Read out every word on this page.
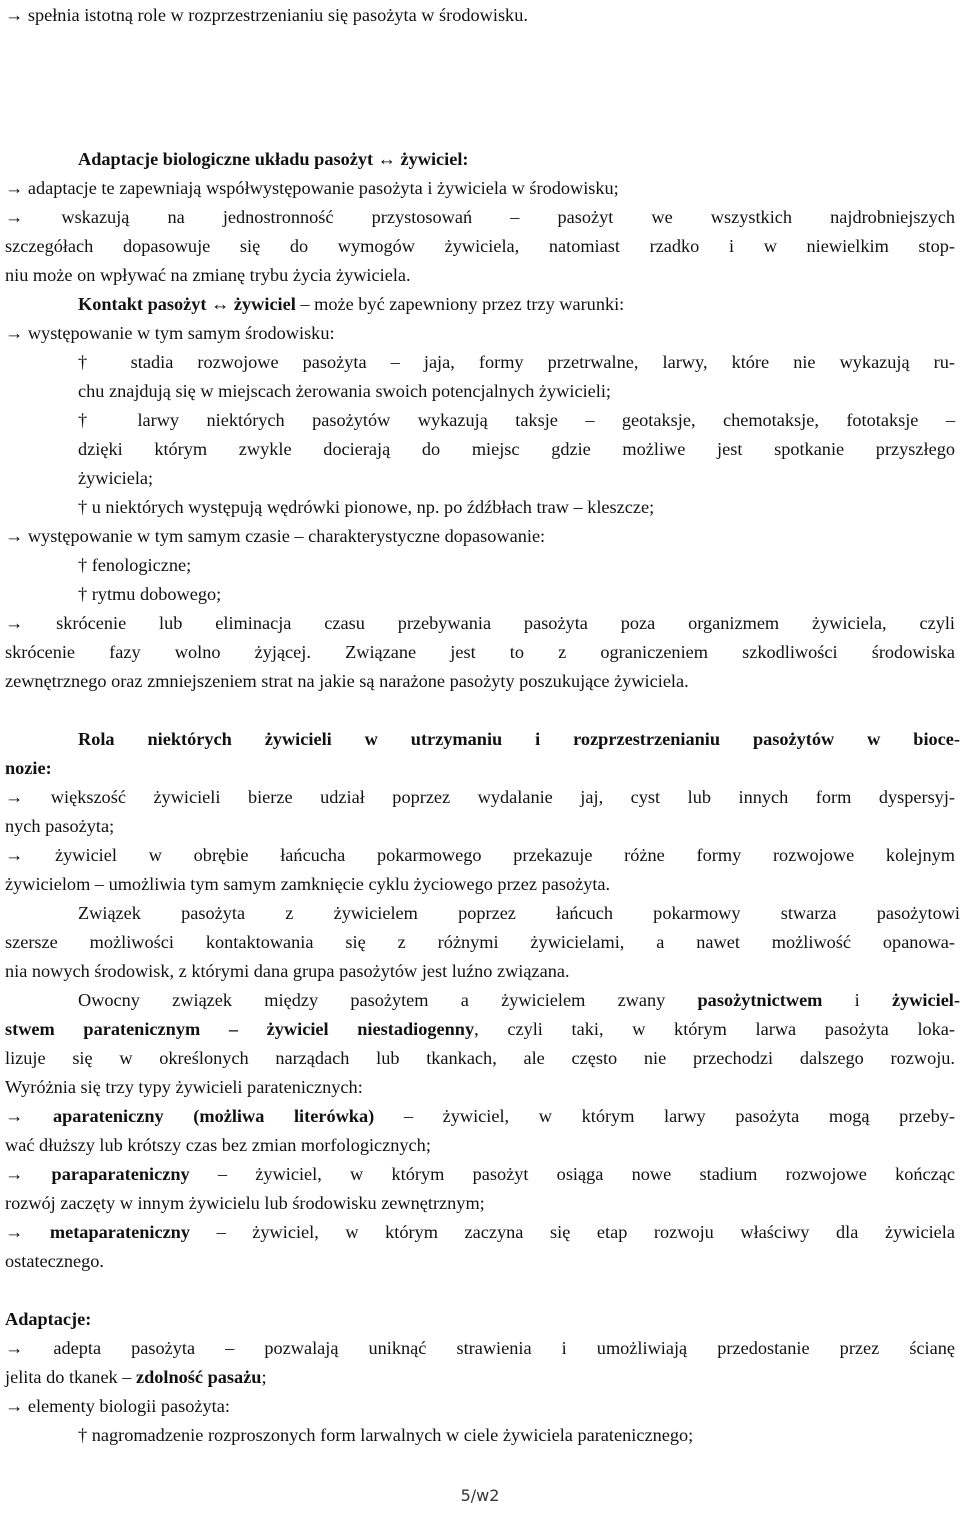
→ spełnia istotną role w rozprzestrzenianiu się pasożyta w środowisku.
Adaptacje biologiczne układu pasożyt ↔ żywiciel:
→ adaptacje te zapewniają współwystępowanie pasożyta i żywiciela w środowisku;
→ wskazują na jednostronność przystosowań – pasożyt we wszystkich najdrobniejszych
szczegółach dopasowuje się do wymogów żywiciela, natomiast rzadko i w niewielkim stop-
niu może on wpływać na zmianę trybu życia żywiciela.
Kontakt pasożyt ↔ żywiciel – może być zapewniony przez trzy warunki:
→ występowanie w tym samym środowisku:
† stadia rozwojowe pasożyta – jaja, formy przetrwalne, larwy, które nie wykazują ru-
chu znajdują się w miejscach żerowania swoich potencjalnych żywicieli;
† larwy niektórych pasożytów wykazują taksje – geotaksje, chemotaksje, fototaksje –
dzięki którym zwykle docierają do miejsc gdzie możliwe jest spotkanie przyszłego
żywiciela;
† u niektórych występują wędrówki pionowe, np. po źdźbłach traw – kleszcze;
→ występowanie w tym samym czasie – charakterystyczne dopasowanie:
† fenologiczne;
† rytmu dobowego;
→ skrócenie lub eliminacja czasu przebywania pasożyta poza organizmem żywiciela, czyli
skrócenie fazy wolno żyjącej. Związane jest to z ograniczeniem szkodliwości środowiska
zewnętrznego oraz zmniejszeniem strat na jakie są narażone pasożyty poszukujące żywiciela.
Rola niektórych żywicieli w utrzymaniu i rozprzestrzenianiu pasożytów w bioce-
nozie:
→ większość żywicieli bierze udział poprzez wydalanie jaj, cyst lub innych form dyspersyj-
nych pasożyta;
→ żywiciel w obrębie łańcucha pokarmowego przekazuje różne formy rozwojowe kolejnym
żywicielom – umożliwia tym samym zamknięcie cyklu życiowego przez pasożyta.
Związek pasożyta z żywicielem poprzez łańcuch pokarmowy stwarza pasożytowi
szersze możliwości kontaktowania się z różnymi żywicielami, a nawet możliwość opanowa-
nia nowych środowisk, z którymi dana grupa pasożytów jest luźno związana.
Owocny związek między pasożytem a żywicielem zwany pasożytnictwem i żywiciel-
stwem paratenicznym – żywiciel niestadiogenny, czyli taki, w którym larwa pasożyta loka-
lizuje się w określonych narządach lub tkankach, ale często nie przechodzi dalszego rozwoju.
Wyróżnia się trzy typy żywicieli paratenicznych:
→ aparateniczny (możliwa literówka) – żywiciel, w którym larwy pasożyta mogą przeby-
wać dłuższy lub krótszy czas bez zmian morfologicznych;
→ paraparateniczny – żywiciel, w którym pasożyt osiąga nowe stadium rozwojowe kończąc
rozwój zaczęty w innym żywicielu lub środowisku zewnętrznym;
→ metaparateniczny – żywiciel, w którym zaczyna się etap rozwoju właściwy dla żywiciela
ostatecznego.
Adaptacje:
→ adepta pasożyta – pozwalają uniknąć strawienia i umożliwiają przedostanie przez ścianę
jelita do tkanek – zdolność pasażu;
→ elementy biologii pasożyta:
† nagromadzenie rozproszonych form larwalnych w ciele żywiciela paratenicznego;
5/w2
